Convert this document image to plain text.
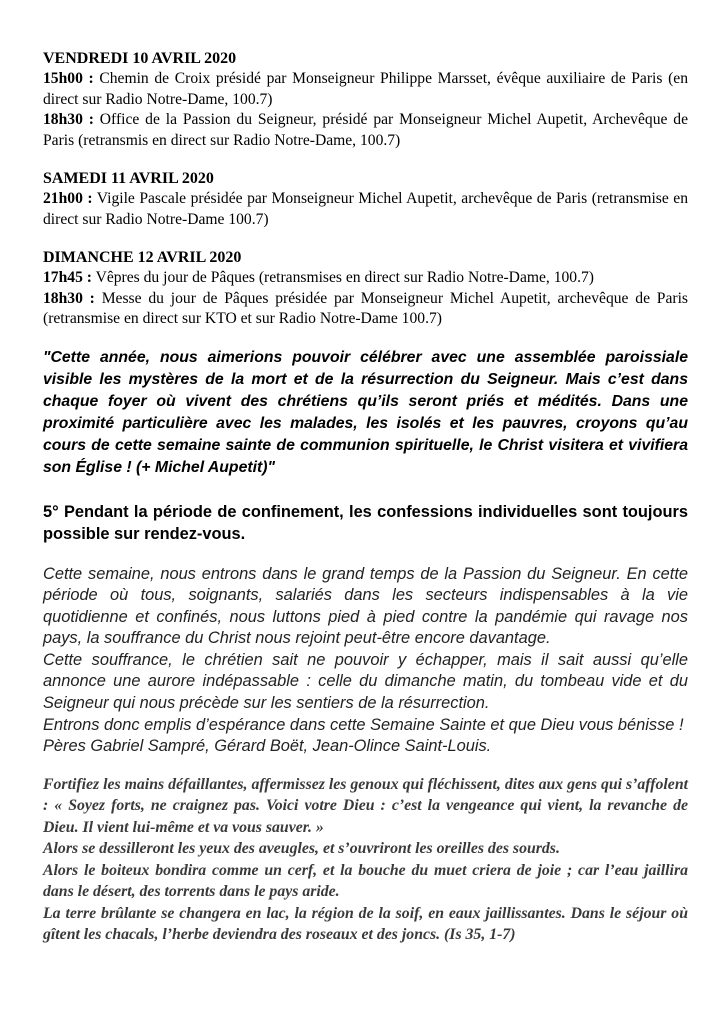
VENDREDI 10 AVRIL 2020

15h00 : Chemin de Croix présidé par Monseigneur Philippe Marsset, évêque auxiliaire de Paris (en direct sur Radio Notre-Dame, 100.7)

18h30 : Office de la Passion du Seigneur, présidé par Monseigneur Michel Aupetit, Archevêque de Paris (retransmis en direct sur Radio Notre-Dame, 100.7)

SAMEDI 11 AVRIL 2020

21h00 : Vigile Pascale présidée par Monseigneur Michel Aupetit, archevêque de Paris (retransmise en direct sur Radio Notre-Dame 100.7)

DIMANCHE 12 AVRIL 2020

17h45 : Vêpres du jour de Pâques (retransmises en direct sur Radio Notre-Dame, 100.7)

18h30 : Messe du jour de Pâques présidée par Monseigneur Michel Aupetit, archevêque de Paris (retransmise en direct sur KTO et sur Radio Notre-Dame 100.7)

"Cette année, nous aimerions pouvoir célébrer avec une assemblée paroissiale visible les mystères de la mort et de la résurrection du Seigneur. Mais c’est dans chaque foyer où vivent des chrétiens qu’ils seront priés et médités. Dans une proximité particulière avec les malades, les isolés et les pauvres, croyons qu’au cours de cette semaine sainte de communion spirituelle, le Christ visitera et vivifiera son Église ! (+ Michel Aupetit)"

5° Pendant la période de confinement, les confessions individuelles sont toujours possible sur rendez-vous.

Cette semaine, nous entrons dans le grand temps de la Passion du Seigneur. En cette période où tous, soignants, salariés dans les secteurs indispensables à la vie quotidienne et confinés, nous luttons pied à pied contre la pandémie qui ravage nos pays, la souffrance du Christ nous rejoint peut-être encore davantage.

Cette souffrance, le chrétien sait ne pouvoir y échapper, mais il sait aussi qu’elle annonce une aurore indépassable : celle du dimanche matin, du tombeau vide et du Seigneur qui nous précède sur les sentiers de la résurrection.

Entrons donc emplis d’espérance dans cette Semaine Sainte et que Dieu vous bénisse !

Pères Gabriel Sampré, Gérard Boët, Jean-Olince Saint-Louis.

Fortifiez les mains défaillantes, affermissez les genoux qui fléchissent, dites aux gens qui s’affolent : « Soyez forts, ne craignez pas. Voici votre Dieu : c’est la vengeance qui vient, la revanche de Dieu. Il vient lui-même et va vous sauver. »

Alors se dessilleront les yeux des aveugles, et s’ouvriront les oreilles des sourds.

Alors le boiteux bondira comme un cerf, et la bouche du muet criera de joie ; car l’eau jaillira dans le désert, des torrents dans le pays aride.

La terre brûlante se changera en lac, la région de la soif, en eaux jaillissantes. Dans le séjour où gîtent les chacals, l’herbe deviendra des roseaux et des joncs. (Is 35, 1-7)
